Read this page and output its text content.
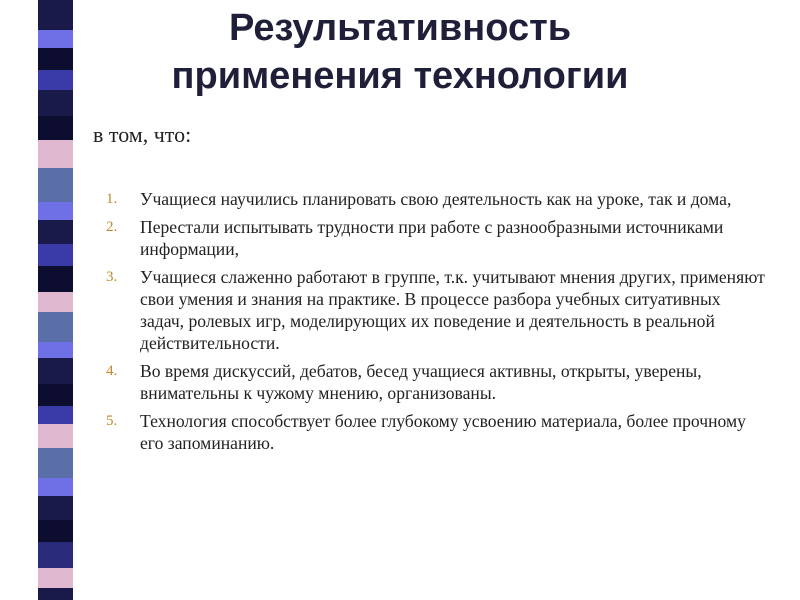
Результативность
применения технологии
в том, что:
1.	Учащиеся научились планировать свою деятельность как на уроке, так и дома,
2.	Перестали испытывать трудности при работе с разнообразными источниками информации,
3.	Учащиеся слаженно работают в группе, т.к. учитывают мнения других, применяют свои умения и знания на практике. В процессе разбора учебных ситуативных задач, ролевых игр, моделирующих их поведение и деятельность в реальной действительности.
4.	Во время дискуссий, дебатов, бесед учащиеся активны, открыты, уверены, внимательны к чужому мнению, организованы.
5.	Технология способствует более глубокому усвоению материала, более прочному его запоминанию.
